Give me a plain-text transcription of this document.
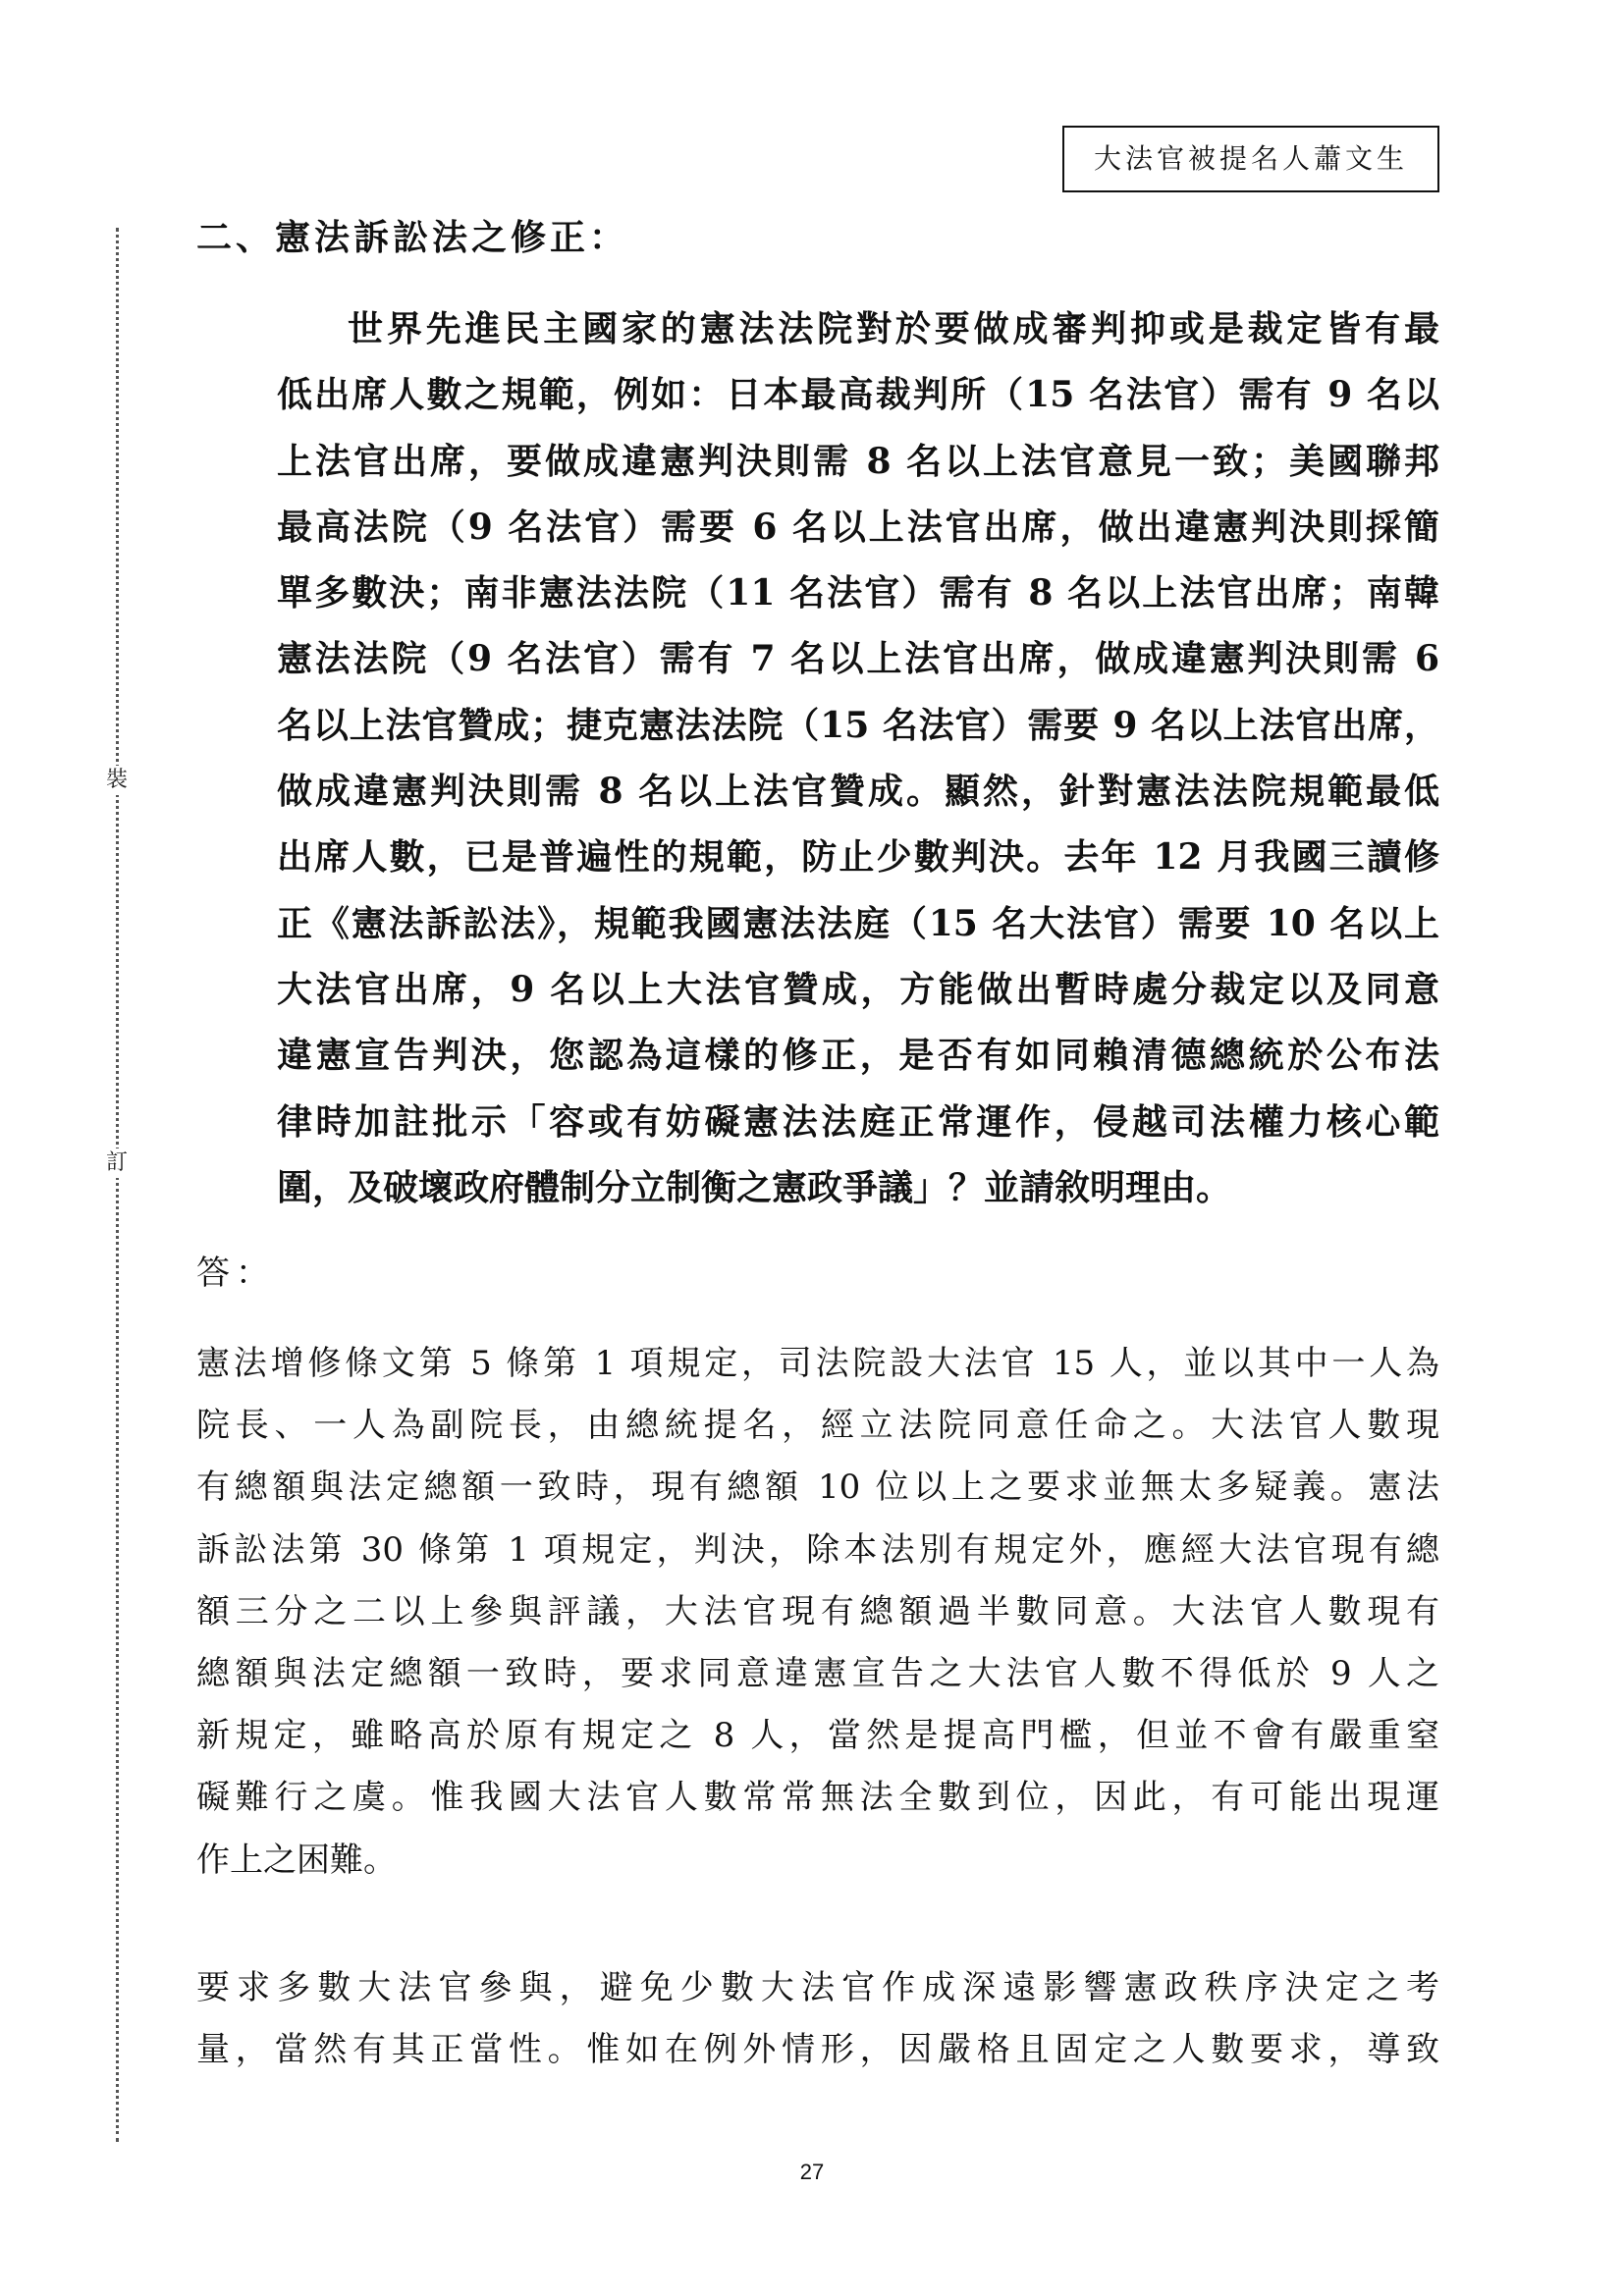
裝
訂
大法官被提名人蕭文生
二、憲法訴訟法之修正：
世界先進民主國家的憲法法院對於要做成審判抑或是裁定皆有最
低出席人數之規範，例如：日本最高裁判所（15 名法官）需有 9 名以
上法官出席，要做成違憲判決則需 8 名以上法官意見一致；美國聯邦
最高法院（9 名法官）需要 6 名以上法官出席，做出違憲判決則採簡
單多數決；南非憲法法院（11 名法官）需有 8 名以上法官出席；南韓
憲法法院（9 名法官）需有 7 名以上法官出席，做成違憲判決則需 6
名以上法官贊成；捷克憲法法院（15 名法官）需要 9 名以上法官出席，
做成違憲判決則需 8 名以上法官贊成。顯然，針對憲法法院規範最低
出席人數，已是普遍性的規範，防止少數判決。去年 12 月我國三讀修
正《憲法訴訟法》，規範我國憲法法庭（15 名大法官）需要 10 名以上
大法官出席，9 名以上大法官贊成，方能做出暫時處分裁定以及同意
違憲宣告判決，您認為這樣的修正，是否有如同賴清德總統於公布法
律時加註批示「容或有妨礙憲法法庭正常運作，侵越司法權力核心範
圍，及破壞政府體制分立制衡之憲政爭議」？並請敘明理由。
答：
憲法增修條文第 5 條第 1 項規定，司法院設大法官 15 人，並以其中一人為
院長、一人為副院長，由總統提名，經立法院同意任命之。大法官人數現
有總額與法定總額一致時，現有總額 10 位以上之要求並無太多疑義。憲法
訴訟法第 30 條第 1 項規定，判決，除本法別有規定外，應經大法官現有總
額三分之二以上參與評議，大法官現有總額過半數同意。大法官人數現有
總額與法定總額一致時，要求同意違憲宣告之大法官人數不得低於 9 人之
新規定，雖略高於原有規定之 8 人，當然是提高門檻，但並不會有嚴重窒
礙難行之虞。惟我國大法官人數常常無法全數到位，因此，有可能出現運
作上之困難。
要求多數大法官參與，避免少數大法官作成深遠影響憲政秩序決定之考
量，當然有其正當性。惟如在例外情形，因嚴格且固定之人數要求，導致
27
